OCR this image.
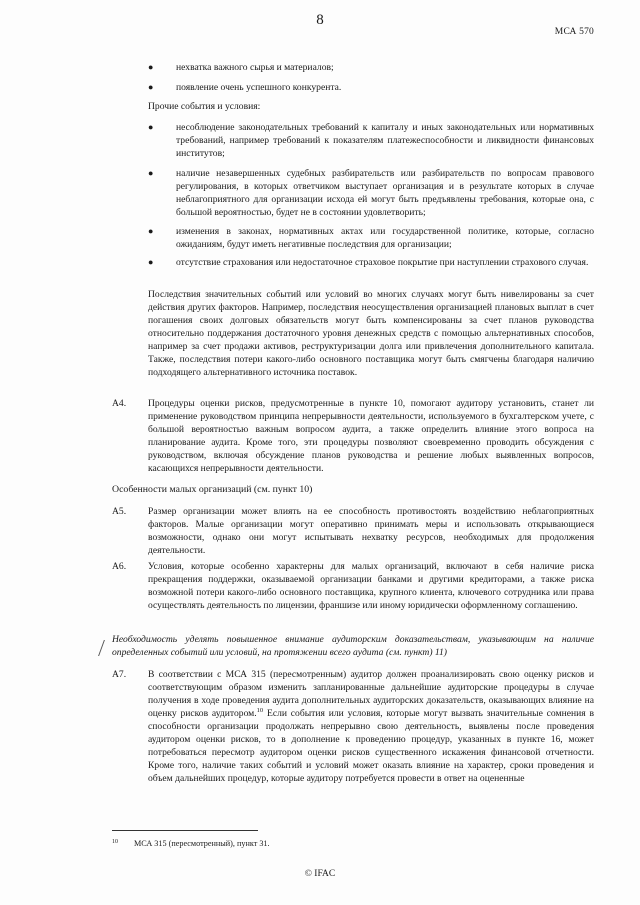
8
МСА 570
● нехватка важного сырья и материалов;
● появление очень успешного конкурента.
Прочие события и условия:
● несоблюдение законодательных требований к капиталу и иных законодательных или нормативных требований, например требований к показателям платежеспособности и ликвидности финансовых институтов;
● наличие незавершенных судебных разбирательств или разбирательств по вопросам правового регулирования, в которых ответчиком выступает организация и в результате которых в случае неблагоприятного для организации исхода ей могут быть предъявлены требования, которые она, с большой вероятностью, будет не в состоянии удовлетворить;
● изменения в законах, нормативных актах или государственной политике, которые, согласно ожиданиям, будут иметь негативные последствия для организации;
● отсутствие страхования или недостаточное страховое покрытие при наступлении страхового случая.
Последствия значительных событий или условий во многих случаях могут быть нивелированы за счет действия других факторов. Например, последствия неосуществления организацией плановых выплат в счет погашения своих долговых обязательств могут быть компенсированы за счет планов руководства относительно поддержания достаточного уровня денежных средств с помощью альтернативных способов, например за счет продажи активов, реструктуризации долга или привлечения дополнительного капитала. Также, последствия потери какого-либо основного поставщика могут быть смягчены благодаря наличию подходящего альтернативного источника поставок.
A4. Процедуры оценки рисков, предусмотренные в пункте 10, помогают аудитору установить, станет ли применение руководством принципа непрерывности деятельности, используемого в бухгалтерском учете, с большой вероятностью важным вопросом аудита, а также определить влияние этого вопроса на планирование аудита. Кроме того, эти процедуры позволяют своевременно проводить обсуждения с руководством, включая обсуждение планов руководства и решение любых выявленных вопросов, касающихся непрерывности деятельности.
Особенности малых организаций (см. пункт 10)
A5. Размер организации может влиять на ее способность противостоять воздействию неблагоприятных факторов. Малые организации могут оперативно принимать меры и использовать открывающиеся возможности, однако они могут испытывать нехватку ресурсов, необходимых для продолжения деятельности.
A6. Условия, которые особенно характерны для малых организаций, включают в себя наличие риска прекращения поддержки, оказываемой организации банками и другими кредиторами, а также риска возможной потери какого-либо основного поставщика, крупного клиента, ключевого сотрудника или права осуществлять деятельность по лицензии, франшизе или иному юридически оформленному соглашению.
Необходимость уделять повышенное внимание аудиторским доказательствам, указывающим на наличие определенных событий или условий, на протяжении всего аудита (см. пункт) 11)
A7. В соответствии с МСА 315 (пересмотренным) аудитор должен проанализировать свою оценку рисков и соответствующим образом изменить запланированные дальнейшие аудиторские процедуры в случае получения в ходе проведения аудита дополнительных аудиторских доказательств, оказывающих влияние на оценку рисков аудитором.$^{10}$ Если события или условия, которые могут вызвать значительные сомнения в способности организации продолжать непрерывно свою деятельность, выявлены после проведения аудитором оценки рисков, то в дополнение к проведению процедур, указанных в пункте 16, может потребоваться пересмотр аудитором оценки рисков существенного искажения финансовой отчетности. Кроме того, наличие таких событий и условий может оказать влияние на характер, сроки проведения и объем дальнейших процедур, которые аудитору потребуется провести в ответ на оцененные
10 МСА 315 (пересмотренный), пункт 31.
© IFAC
